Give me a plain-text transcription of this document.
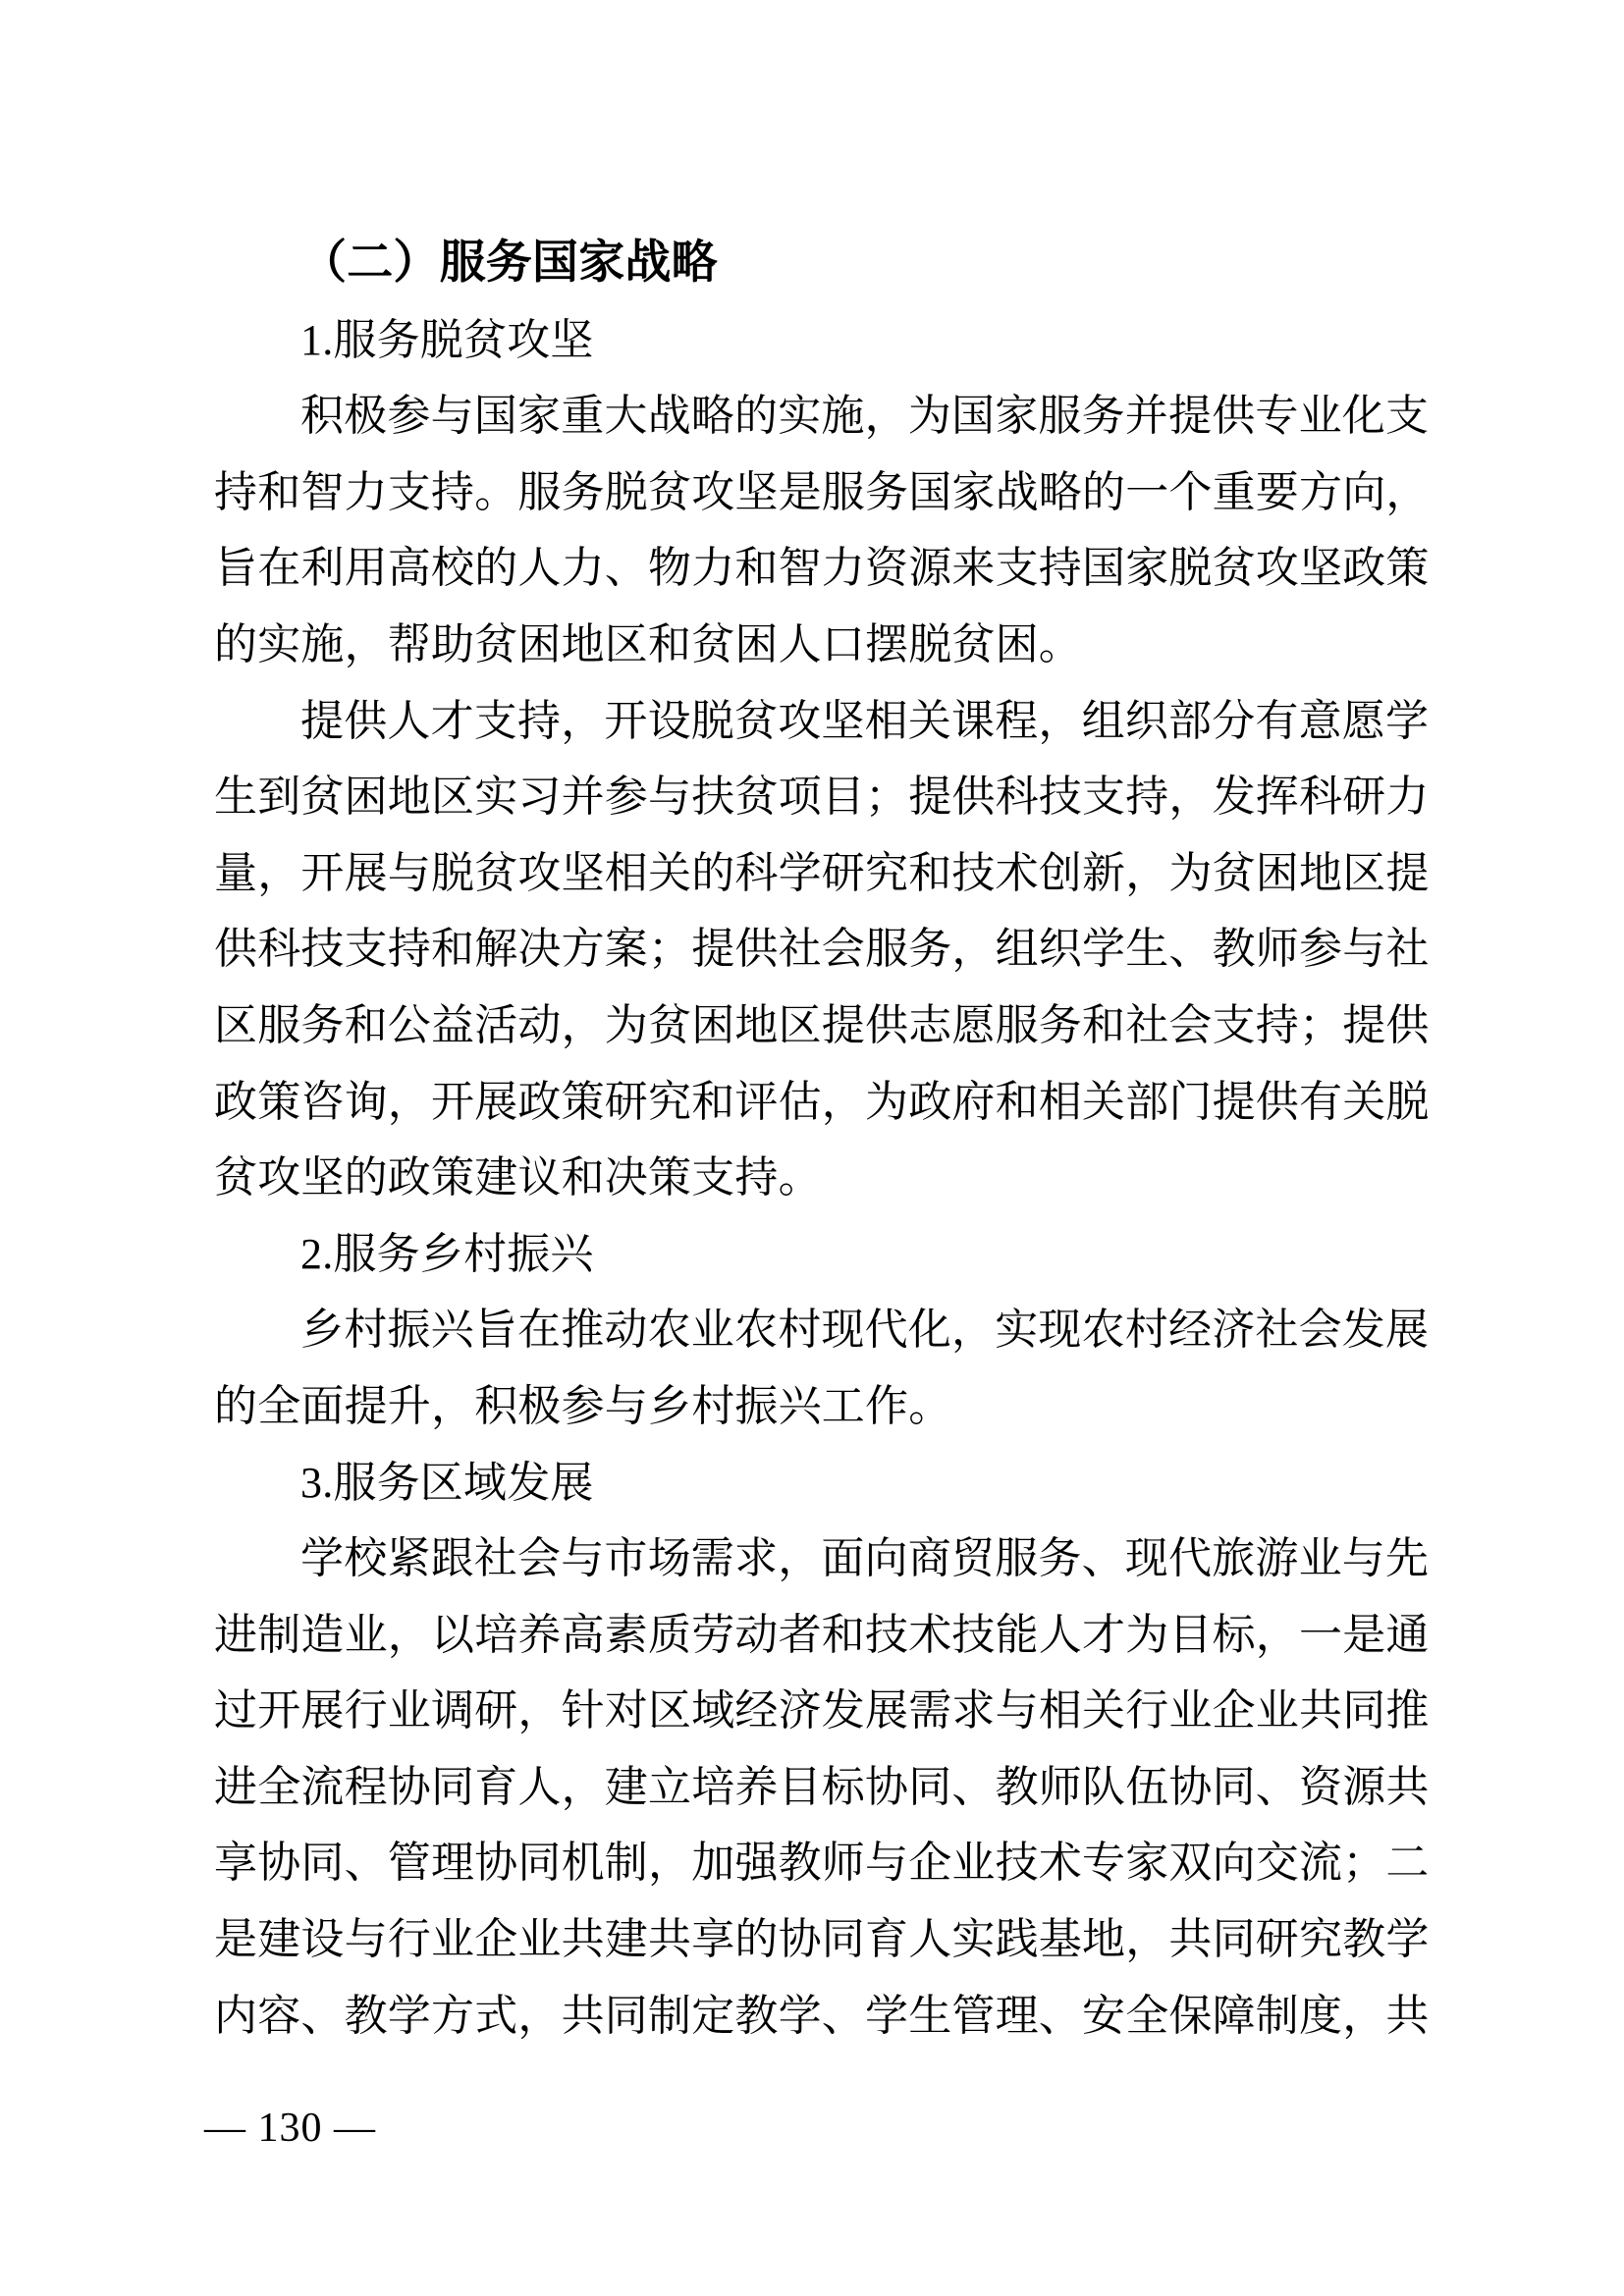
（二）服务国家战略
1.服务脱贫攻坚
积极参与国家重大战略的实施，为国家服务并提供专业化支
持和智力支持。服务脱贫攻坚是服务国家战略的一个重要方向，
旨在利用高校的人力、物力和智力资源来支持国家脱贫攻坚政策
的实施，帮助贫困地区和贫困人口摆脱贫困。
提供人才支持，开设脱贫攻坚相关课程，组织部分有意愿学
生到贫困地区实习并参与扶贫项目；提供科技支持，发挥科研力
量，开展与脱贫攻坚相关的科学研究和技术创新，为贫困地区提
供科技支持和解决方案；提供社会服务，组织学生、教师参与社
区服务和公益活动，为贫困地区提供志愿服务和社会支持；提供
政策咨询，开展政策研究和评估，为政府和相关部门提供有关脱
贫攻坚的政策建议和决策支持。
2.服务乡村振兴
乡村振兴旨在推动农业农村现代化，实现农村经济社会发展
的全面提升，积极参与乡村振兴工作。
3.服务区域发展
学校紧跟社会与市场需求，面向商贸服务、现代旅游业与先
进制造业，以培养高素质劳动者和技术技能人才为目标，一是通
过开展行业调研，针对区域经济发展需求与相关行业企业共同推
进全流程协同育人，建立培养目标协同、教师队伍协同、资源共
享协同、管理协同机制，加强教师与企业技术专家双向交流；二
是建设与行业企业共建共享的协同育人实践基地，共同研究教学
内容、教学方式，共同制定教学、学生管理、安全保障制度，共
— 130 —
